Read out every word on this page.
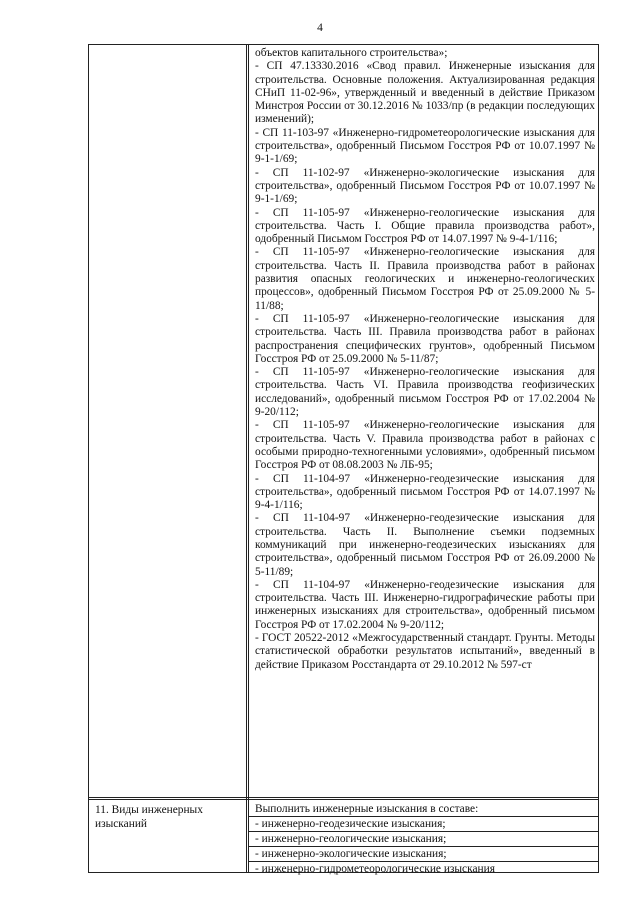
4

объектов капитального строительства»;

- СП 47.13330.2016 «Свод правил. Инженерные изыскания для строительства. Основные положения. Актуализированная редакция СНиП 11-02-96», утвержденный и введенный в действие Приказом Минстроя России от 30.12.2016 № 1033/пр (в редакции последующих изменений);

- СП 11-103-97 «Инженерно-гидрометеорологические изыскания для строительства», одобренный Письмом Госстроя РФ от 10.07.1997 № 9-1-1/69;

- СП 11-102-97 «Инженерно-экологические изыскания для строительства», одобренный Письмом Госстроя РФ от 10.07.1997 № 9-1-1/69;

- СП 11-105-97 «Инженерно-геологические изыскания для строительства. Часть I. Общие правила производства работ», одобренный Письмом Госстроя РФ от 14.07.1997 № 9-4-1/116;

- СП 11-105-97 «Инженерно-геологические изыскания для строительства. Часть II. Правила производства работ в районах развития опасных геологических и инженерно-геологических процессов», одобренный Письмом Госстроя РФ от 25.09.2000 № 5-11/88;

- СП 11-105-97 «Инженерно-геологические изыскания для строительства. Часть III. Правила производства работ в районах распространения специфических грунтов», одобренный Письмом Госстроя РФ от 25.09.2000 № 5-11/87;

- СП 11-105-97 «Инженерно-геологические изыскания для строительства. Часть VI. Правила производства геофизических исследований», одобренный письмом Госстроя РФ от 17.02.2004 № 9-20/112;

- СП 11-105-97 «Инженерно-геологические изыскания для строительства. Часть V. Правила производства работ в районах с особыми природно-техногенными условиями», одобренный письмом Госстроя РФ от 08.08.2003 № ЛБ-95;

- СП 11-104-97 «Инженерно-геодезические изыскания для строительства», одобренный письмом Госстроя РФ от 14.07.1997 № 9-4-1/116;

- СП 11-104-97 «Инженерно-геодезические изыскания для строительства. Часть II. Выполнение съемки подземных коммуникаций при инженерно-геодезических изысканиях для строительства», одобренный письмом Госстроя РФ от 26.09.2000 № 5-11/89;

- СП 11-104-97 «Инженерно-геодезические изыскания для строительства. Часть III. Инженерно-гидрографические работы при инженерных изысканиях для строительства», одобренный письмом Госстроя РФ от 17.02.2004 № 9-20/112;

- ГОСТ 20522-2012 «Межгосударственный стандарт. Грунты. Методы статистической обработки результатов испытаний», введенный в действие Приказом Росстандарта от 29.10.2012 № 597-ст

11. Виды инженерных изысканий
Выполнить инженерные изыскания в составе:
- инженерно-геодезические изыскания;
- инженерно-геологические изыскания;
- инженерно-экологические изыскания;
- инженерно-гидрометеорологические изыскания
